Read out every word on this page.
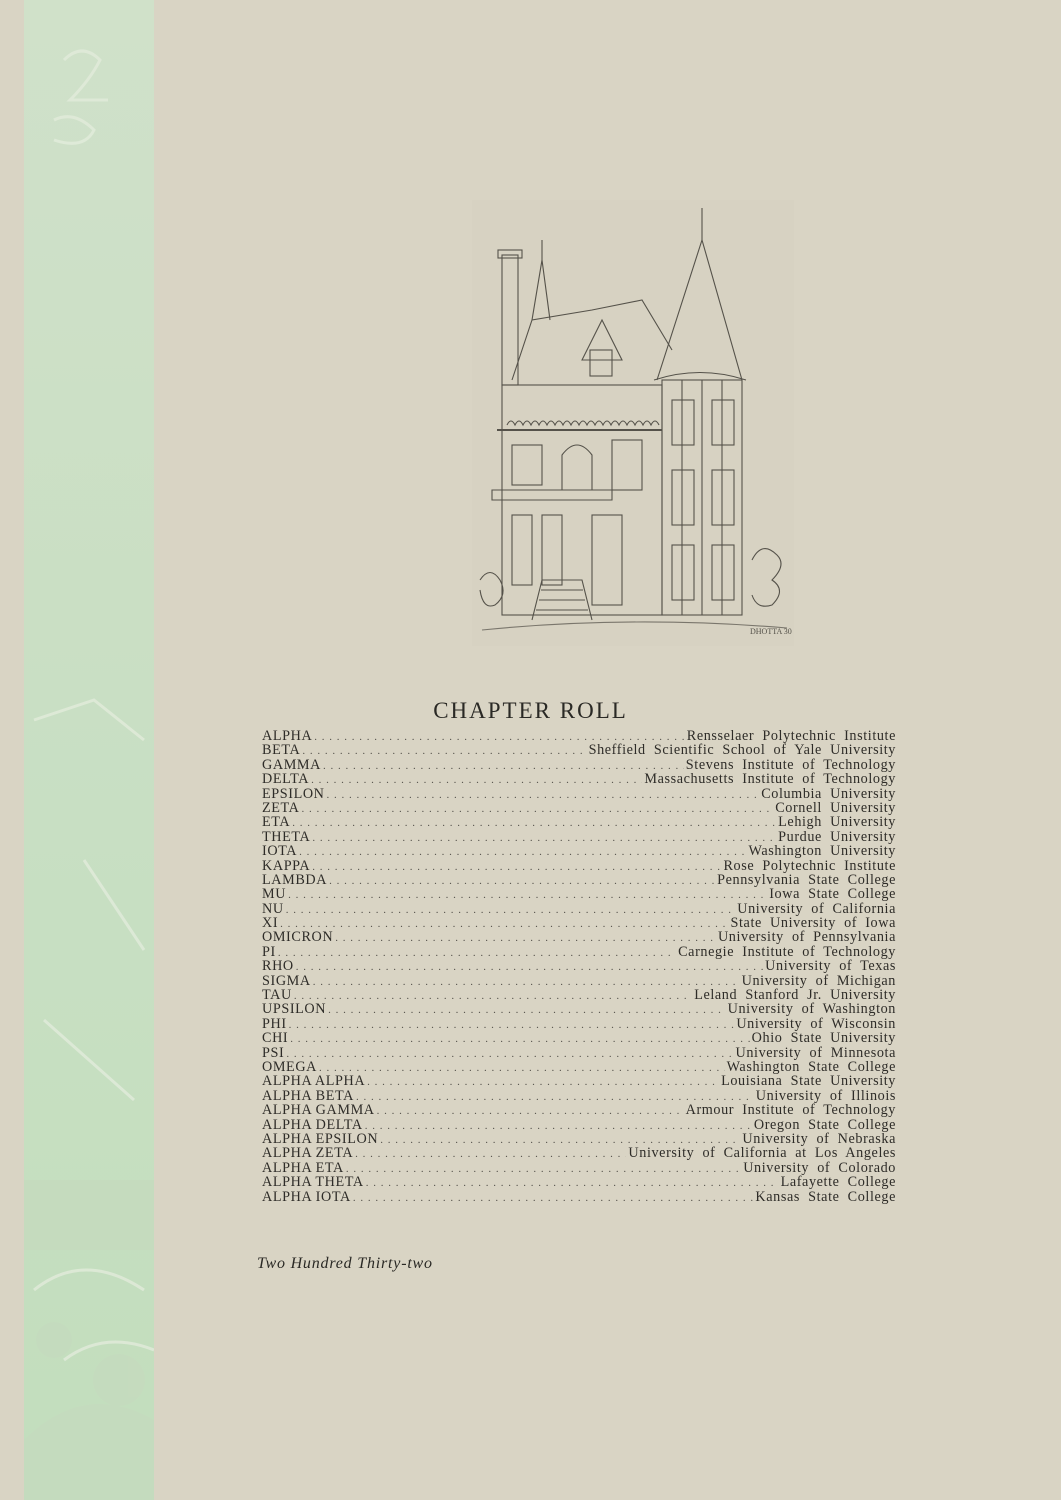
DHOTTA 30
CHAPTER ROLL
ALPHA . . .	Rensselaer Polytechnic Institute
BETA . . .	Sheffield Scientific School of Yale University
GAMMA . . .	Stevens Institute of Technology
DELTA . . .	Massachusetts Institute of Technology
EPSILON . . .	Columbia University
ZETA . . .	Cornell University
ETA . . .	Lehigh University
THETA . . .	Purdue University
IOTA . . .	Washington University
KAPPA . . .	Rose Polytechnic Institute
LAMBDA . . .	Pennsylvania State College
MU . . .	Iowa State College
NU . . .	University of California
XI . . .	State University of Iowa
OMICRON . . .	University of Pennsylvania
PI . . .	Carnegie Institute of Technology
RHO . . .	University of Texas
SIGMA . . .	University of Michigan
TAU . . .	Leland Stanford Jr. University
UPSILON . . .	University of Washington
PHI . . .	University of Wisconsin
CHI . . .	Ohio State University
PSI . . .	University of Minnesota
OMEGA . . .	Washington State College
ALPHA ALPHA . . .	Louisiana State University
ALPHA BETA . . .	University of Illinois
ALPHA GAMMA . . .	Armour Institute of Technology
ALPHA DELTA . . .	Oregon State College
ALPHA EPSILON . . .	University of Nebraska
ALPHA ZETA . . .	University of California at Los Angeles
ALPHA ETA . . .	University of Colorado
ALPHA THETA . . .	Lafayette College
ALPHA IOTA . . .	Kansas State College
Two Hundred Thirty-two
